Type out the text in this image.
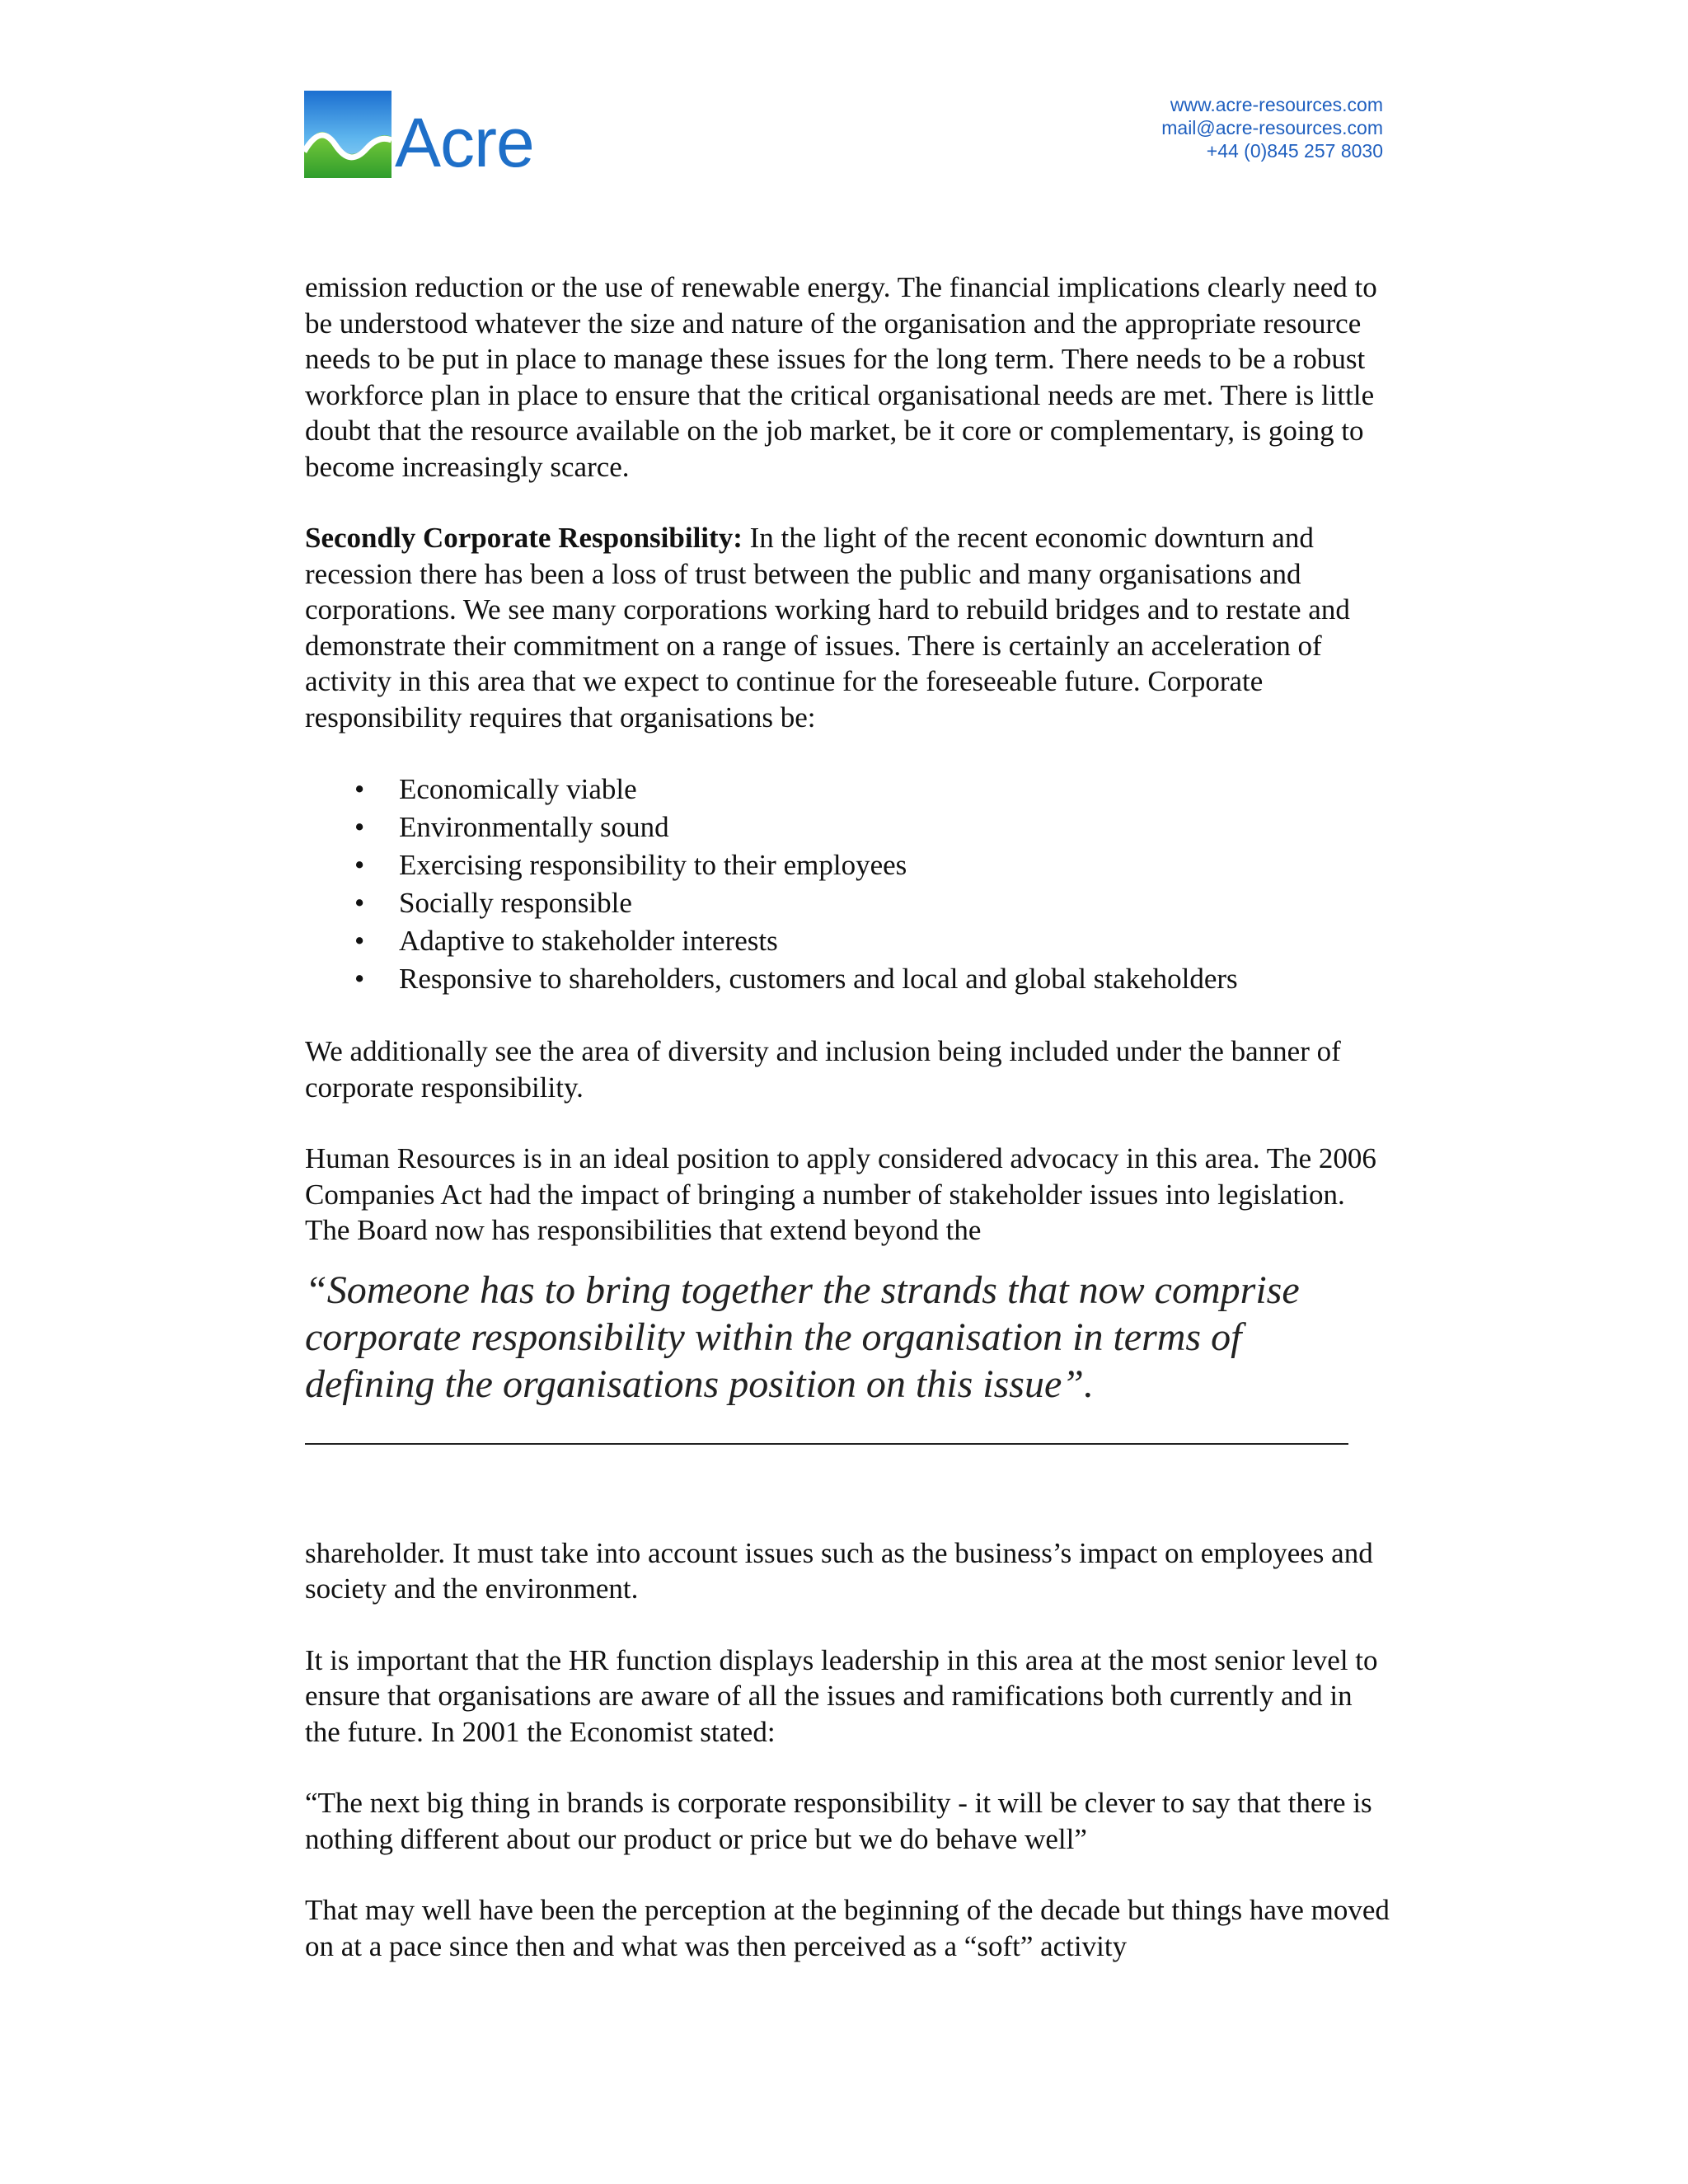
Acre	www.acre-resources.com
mail@acre-resources.com
+44 (0)845 257 8030

emission reduction or the use of renewable energy. The financial implications clearly need to be understood whatever the size and nature of the organisation and the appropriate resource needs to be put in place to manage these issues for the long term. There needs to be a robust workforce plan in place to ensure that the critical organisational needs are met. There is little doubt that the resource available on the job market, be it core or complementary, is going to become increasingly scarce.

Secondly Corporate Responsibility: In the light of the recent economic downturn and recession there has been a loss of trust between the public and many organisations and corporations. We see many corporations working hard to rebuild bridges and to restate and demonstrate their commitment on a range of issues. There is certainly an acceleration of activity in this area that we expect to continue for the foreseeable future. Corporate responsibility requires that organisations be:

• Economically viable
• Environmentally sound
• Exercising responsibility to their employees
• Socially responsible
• Adaptive to stakeholder interests
• Responsive to shareholders, customers and local and global stakeholders

We additionally see the area of diversity and inclusion being included under the banner of corporate responsibility.

Human Resources is in an ideal position to apply considered advocacy in this area. The 2006 Companies Act had the impact of bringing a number of stakeholder issues into legislation. The Board now has responsibilities that extend beyond the

“Someone has to bring together the strands that now comprise corporate responsibility within the organisation in terms of defining the organisations position on this issue”.

shareholder. It must take into account issues such as the business’s impact on employees and society and the environment.

It is important that the HR function displays leadership in this area at the most senior level to ensure that organisations are aware of all the issues and ramifications both currently and in the future. In 2001 the Economist stated:

“The next big thing in brands is corporate responsibility - it will be clever to say that there is nothing different about our product or price but we do behave well”

That may well have been the perception at the beginning of the decade but things have moved on at a pace since then and what was then perceived as a “soft” activity
